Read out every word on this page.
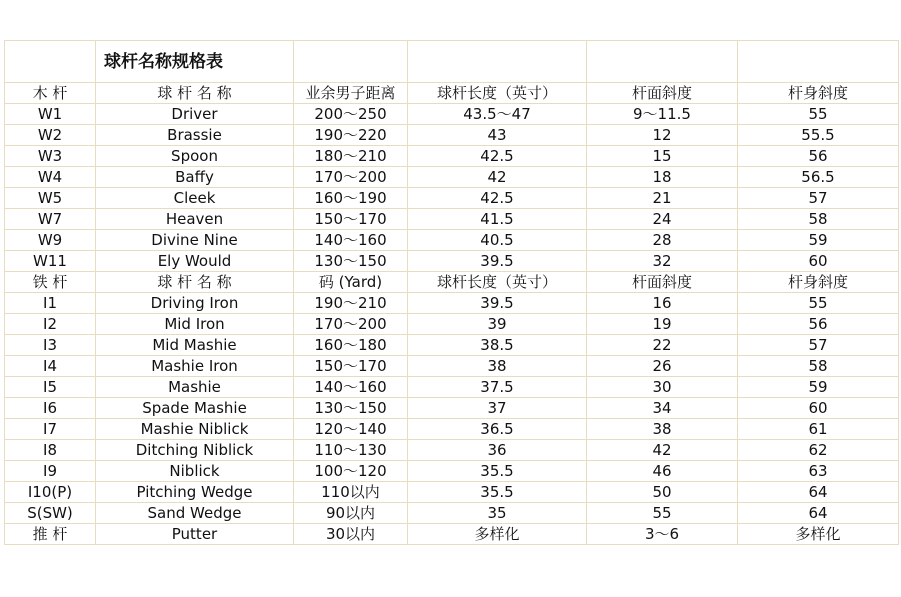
	球杆名称规格表				
木 杆	球 杆 名 称	业余男子距离	球杆长度（英寸）	杆面斜度	杆身斜度
W1	Driver	200～250	43.5～47	9～11.5	55
W2	Brassie	190～220	43	12	55.5
W3	Spoon	180～210	42.5	15	56
W4	Baffy	170～200	42	18	56.5
W5	Cleek	160～190	42.5	21	57
W7	Heaven	150～170	41.5	24	58
W9	Divine Nine	140～160	40.5	28	59
W11	Ely Would	130～150	39.5	32	60
铁 杆	球 杆 名 称	码 (Yard)	球杆长度（英寸）	杆面斜度	杆身斜度
I1	Driving Iron	190～210	39.5	16	55
I2	Mid Iron	170～200	39	19	56
I3	Mid Mashie	160～180	38.5	22	57
I4	Mashie Iron	150～170	38	26	58
I5	Mashie	140～160	37.5	30	59
I6	Spade Mashie	130～150	37	34	60
I7	Mashie Niblick	120～140	36.5	38	61
I8	Ditching Niblick	110～130	36	42	62
I9	Niblick	100～120	35.5	46	63
I10(P)	Pitching Wedge	110以内	35.5	50	64
S(SW)	Sand Wedge	90以内	35	55	64
推 杆	Putter	30以内	多样化	3～6	多样化
